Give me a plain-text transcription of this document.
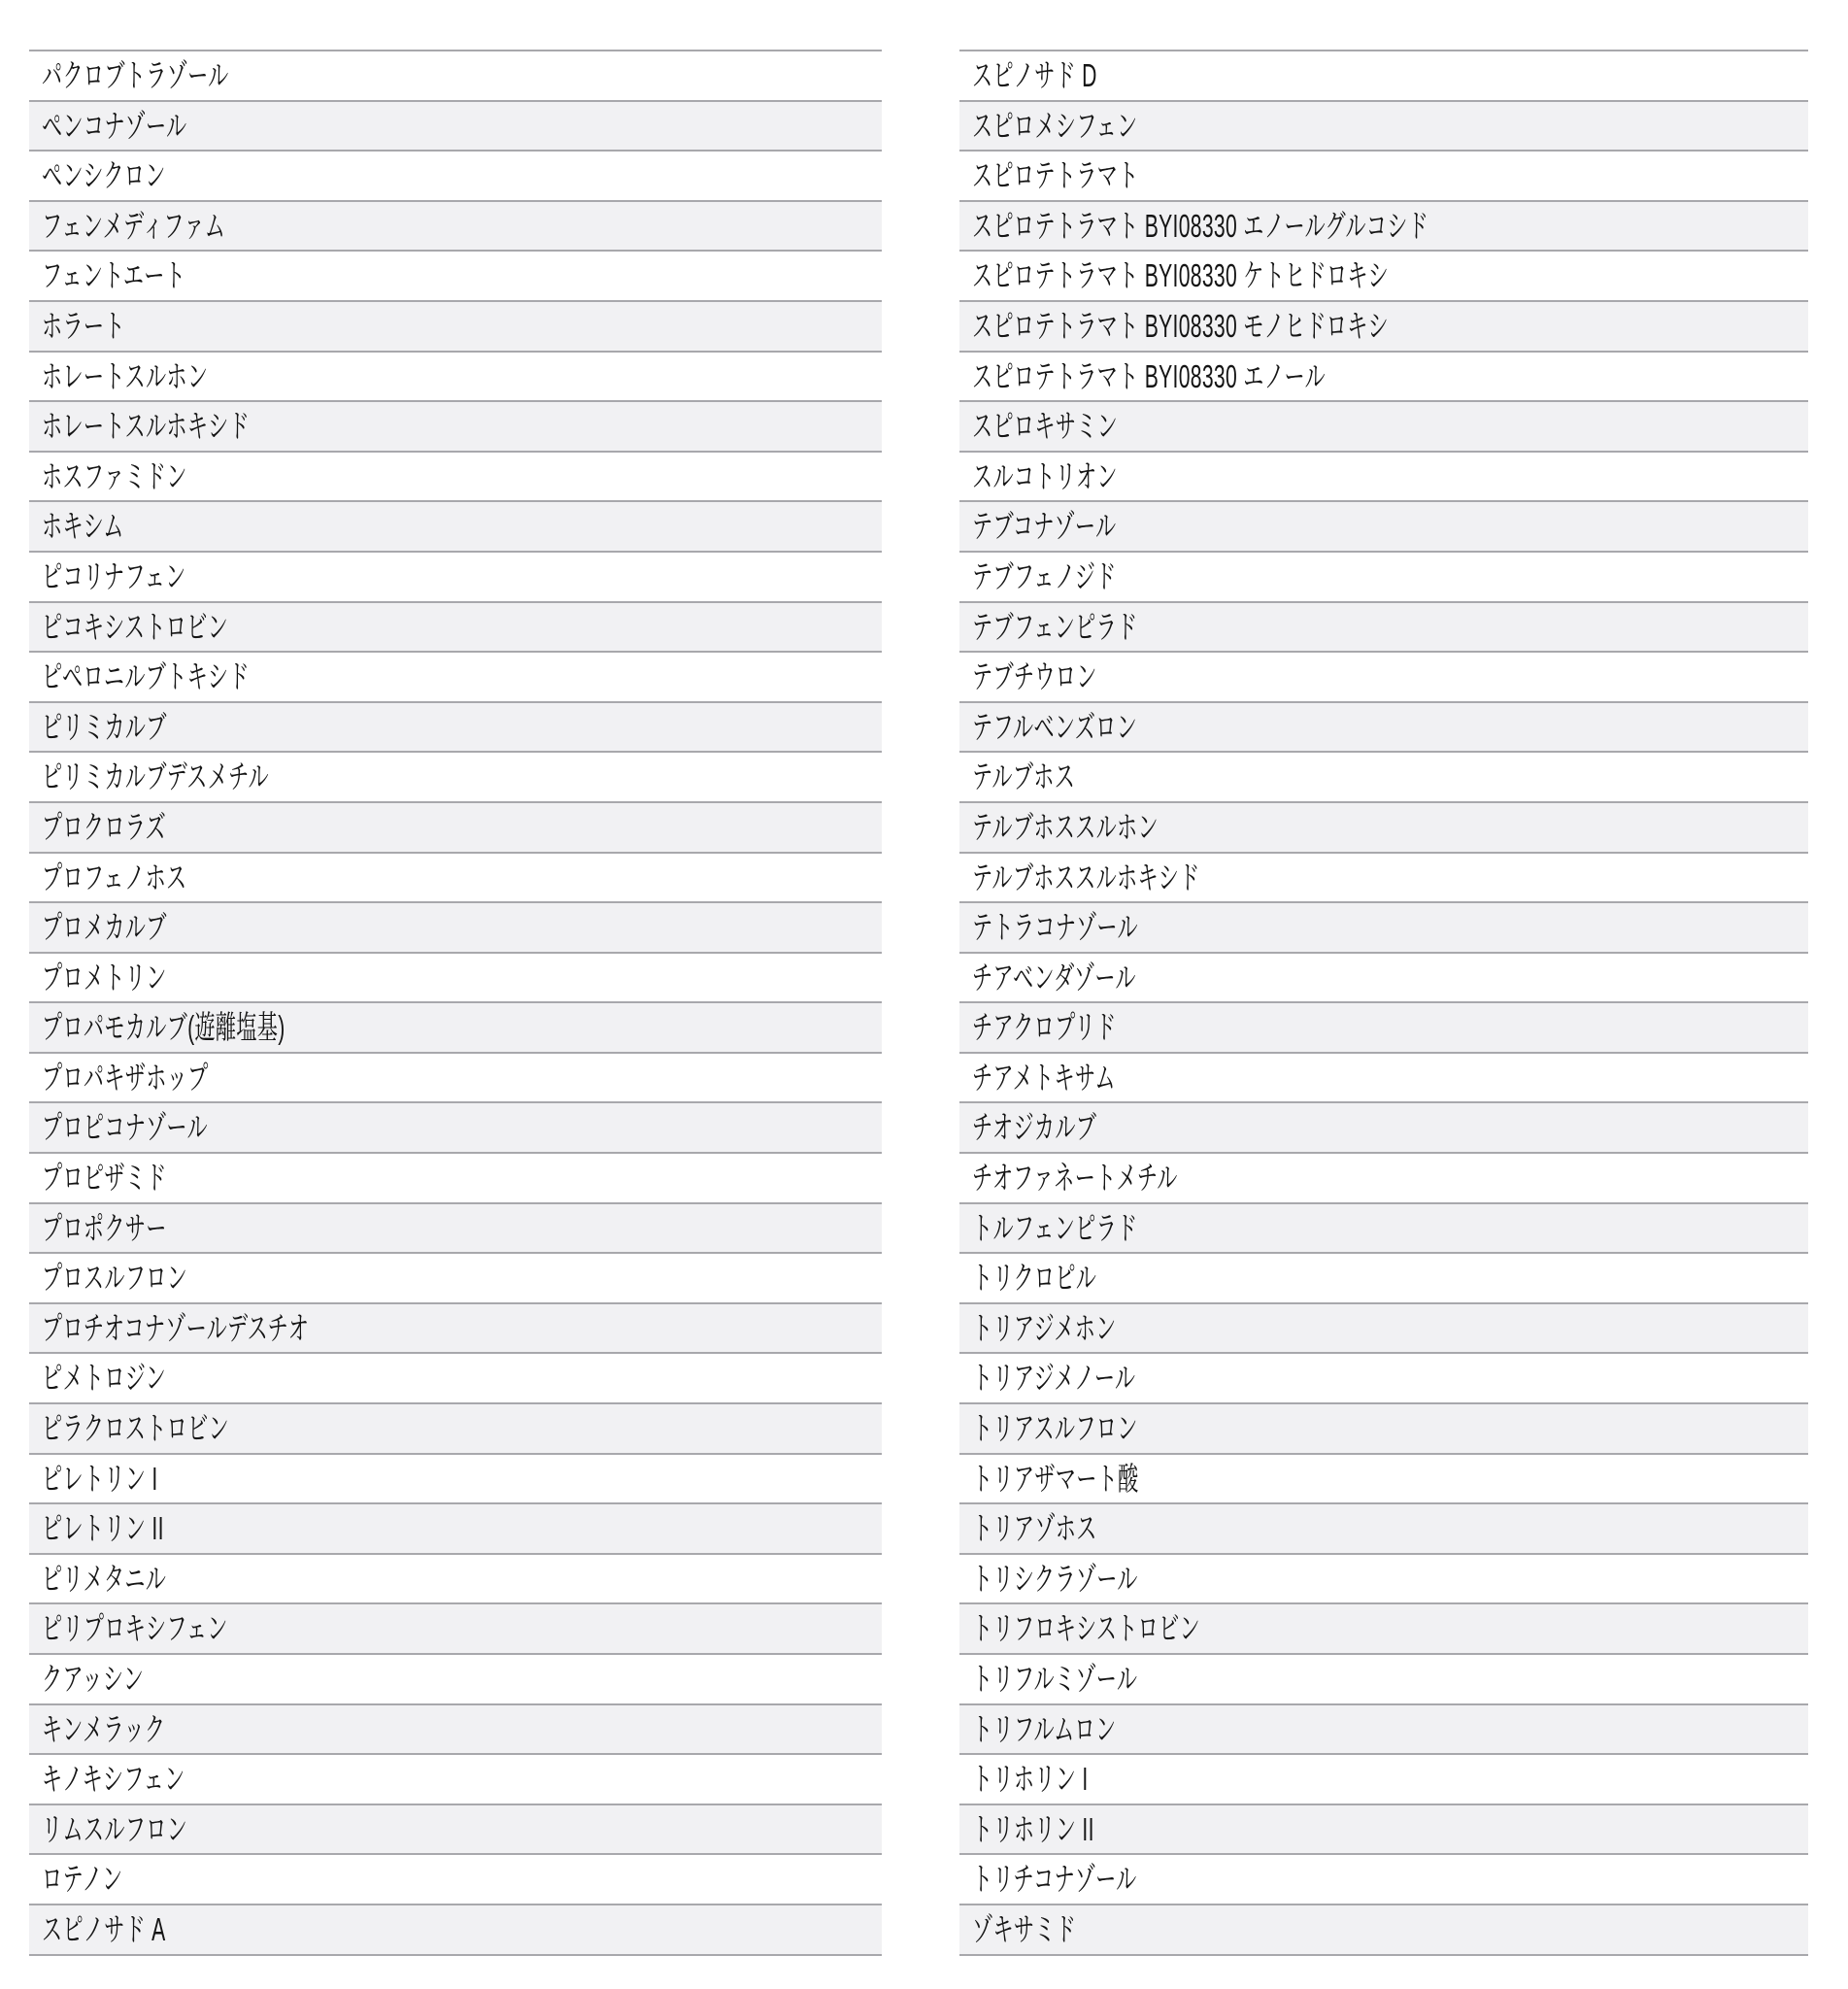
パクロブトラゾール
ペンコナゾール
ペンシクロン
フェンメディファム
フェントエート
ホラート
ホレートスルホン
ホレートスルホキシド
ホスファミドン
ホキシム
ピコリナフェン
ピコキシストロビン
ピペロニルブトキシド
ピリミカルブ
ピリミカルブデスメチル
プロクロラズ
プロフェノホス
プロメカルブ
プロメトリン
プロパモカルブ(遊離塩基)
プロパキザホップ
プロピコナゾール
プロピザミド
プロポクサー
プロスルフロン
プロチオコナゾールデスチオ
ピメトロジン
ピラクロストロビン
ピレトリン I
ピレトリン II
ピリメタニル
ピリプロキシフェン
クアッシン
キンメラック
キノキシフェン
リムスルフロン
ロテノン
スピノサド A
スピノサド D
スピロメシフェン
スピロテトラマト
スピロテトラマト BYI08330 エノールグルコシド
スピロテトラマト BYI08330 ケトヒドロキシ
スピロテトラマト BYI08330 モノヒドロキシ
スピロテトラマト BYI08330 エノール
スピロキサミン
スルコトリオン
テブコナゾール
テブフェノジド
テブフェンピラド
テブチウロン
テフルベンズロン
テルブホス
テルブホススルホン
テルブホススルホキシド
テトラコナゾール
チアベンダゾール
チアクロプリド
チアメトキサム
チオジカルブ
チオファネートメチル
トルフェンピラド
トリクロピル
トリアジメホン
トリアジメノール
トリアスルフロン
トリアザマート酸
トリアゾホス
トリシクラゾール
トリフロキシストロビン
トリフルミゾール
トリフルムロン
トリホリン I
トリホリン II
トリチコナゾール
ゾキサミド
